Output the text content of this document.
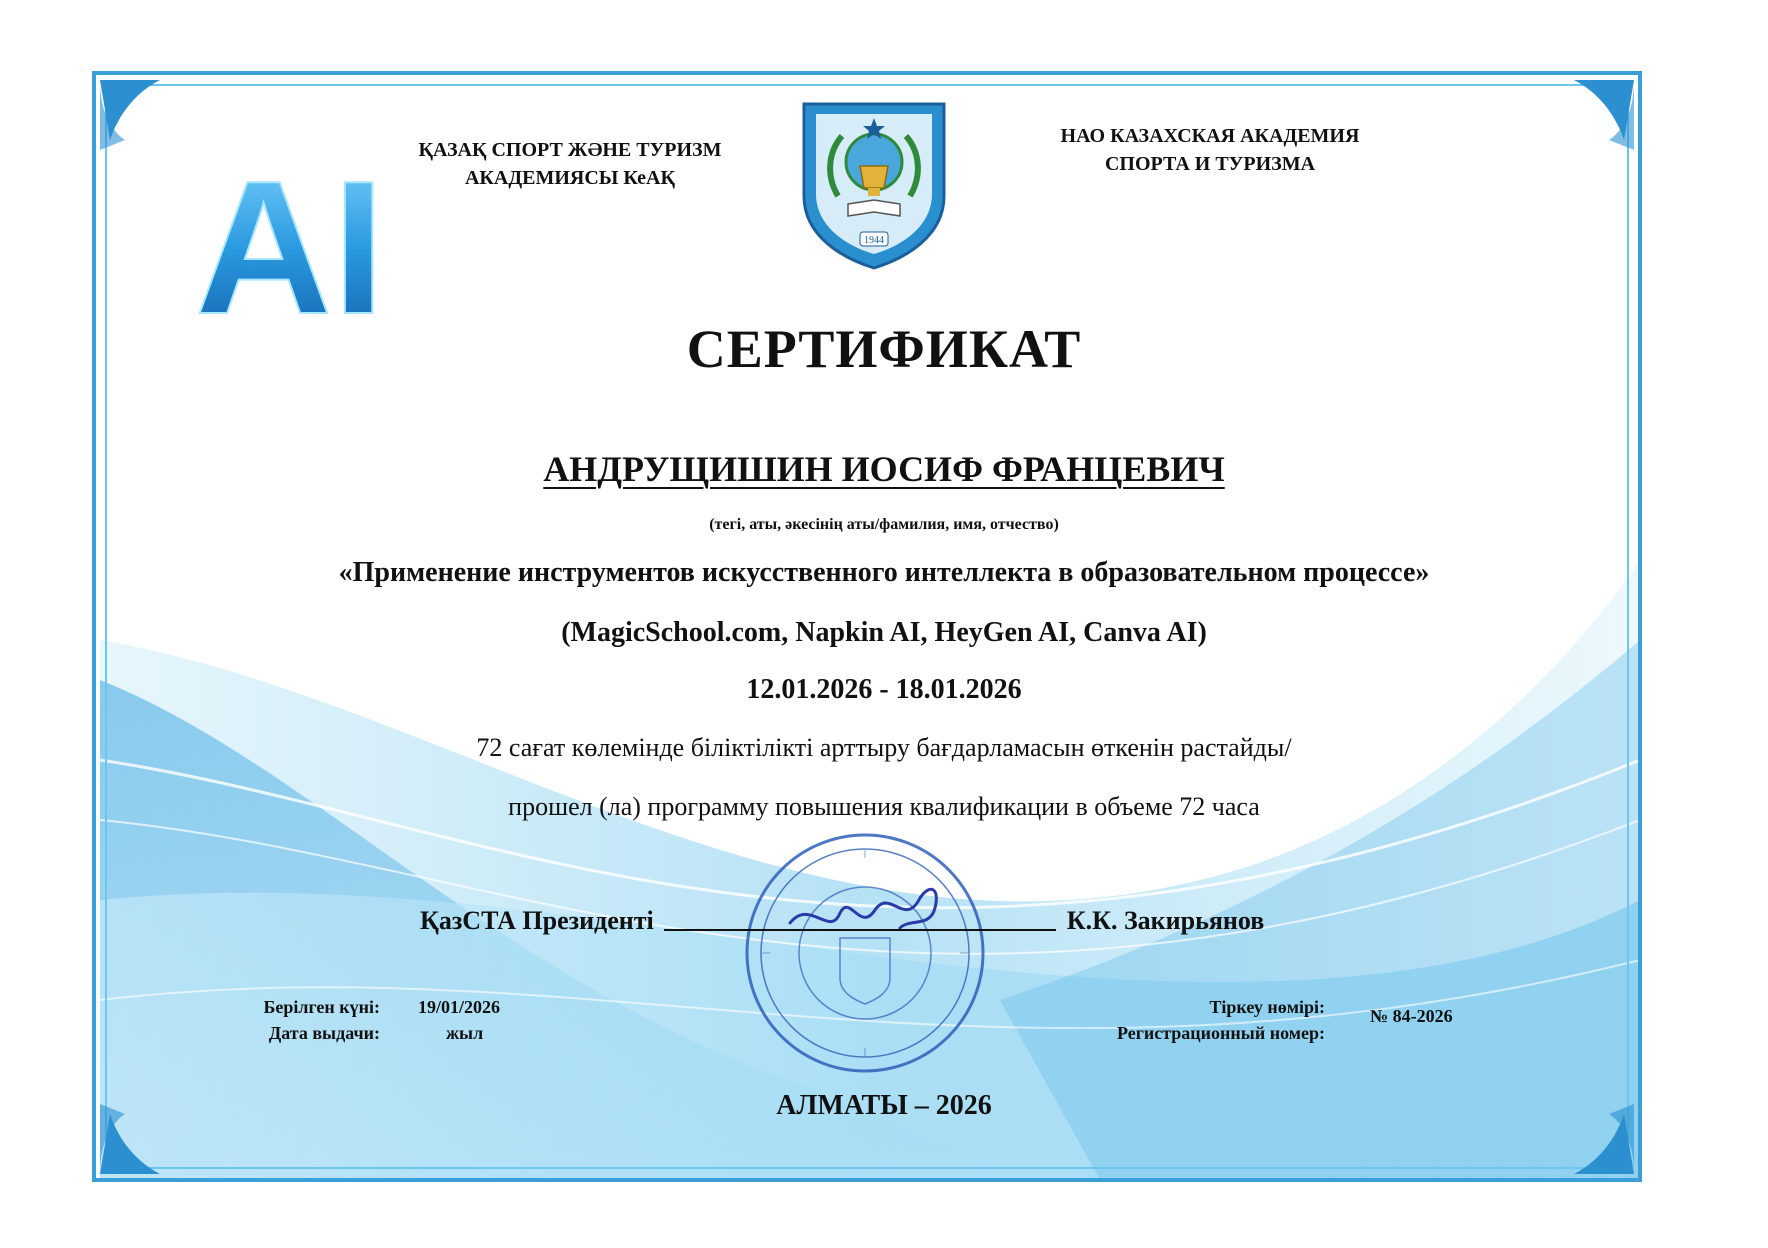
AI	1944
ҚАЗАҚ СПОРТ ЖӘНЕ ТУРИЗМ
АКАДЕМИЯСЫ КеАҚ
НАО КАЗАХСКАЯ АКАДЕМИЯ
СПОРТА И ТУРИЗМА
СЕРТИФИКАТ
АНДРУЩИШИН ИОСИФ ФРАНЦЕВИЧ
(тегі, аты, әкесінің аты/фамилия, имя, отчество)
«Применение инструментов искусственного интеллекта в образовательном процессе»
(MagicSchool.com, Napkin AI, HeyGen AI, Canva AI)
12.01.2026 - 18.01.2026
72 сағат көлемінде біліктілікті арттыру бағдарламасын өткенін растайды/
прошел (ла) программу повышения квалификации в объеме 72 часа
ҚазСТА Президенті	К.К. Закирьянов
Берілген күні:
Дата выдачи:
19/01/2026
жыл
Тіркеу нөмірі:
Регистрационный номер:
№ 84-2026
АЛМАТЫ – 2026
